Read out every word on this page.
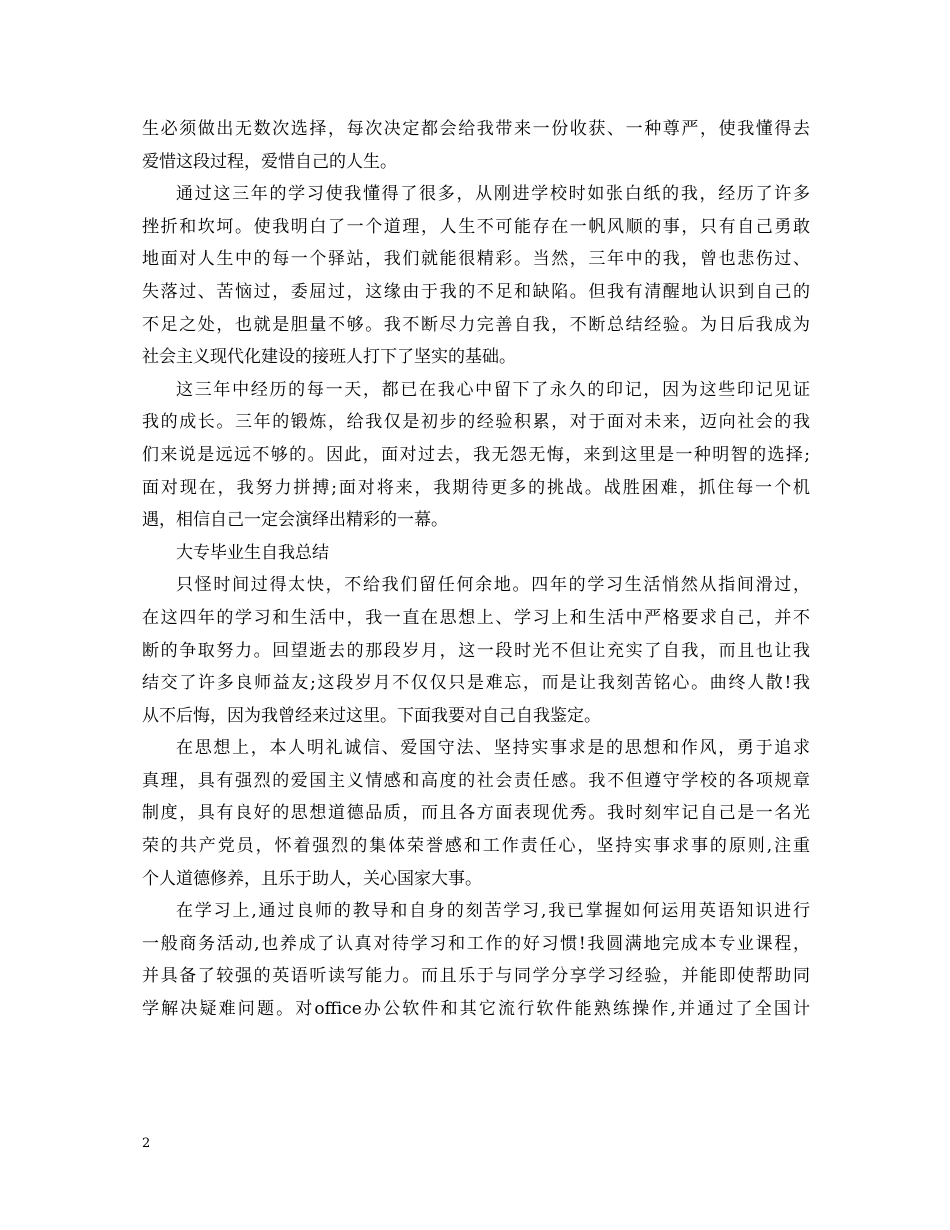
生必须做出无数次选择，每次决定都会给我带来一份收获、一种尊严，使我懂得去
爱惜这段过程，爱惜自己的人生。
通过这三年的学习使我懂得了很多，从刚进学校时如张白纸的我，经历了许多
挫折和坎坷。使我明白了一个道理，人生不可能存在一帆风顺的事，只有自己勇敢
地面对人生中的每一个驿站，我们就能很精彩。当然，三年中的我，曾也悲伤过、
失落过、苦恼过，委屈过，这缘由于我的不足和缺陷。但我有清醒地认识到自己的
不足之处，也就是胆量不够。我不断尽力完善自我，不断总结经验。为日后我成为
社会主义现代化建设的接班人打下了坚实的基础。
这三年中经历的每一天，都已在我心中留下了永久的印记，因为这些印记见证
我的成长。三年的锻炼，给我仅是初步的经验积累，对于面对未来，迈向社会的我
们来说是远远不够的。因此，面对过去，我无怨无悔，来到这里是一种明智的选择;
面对现在，我努力拼搏;面对将来，我期待更多的挑战。战胜困难，抓住每一个机
遇，相信自己一定会演绎出精彩的一幕。
大专毕业生自我总结
只怪时间过得太快，不给我们留任何余地。四年的学习生活悄然从指间滑过，
在这四年的学习和生活中，我一直在思想上、学习上和生活中严格要求自己，并不
断的争取努力。回望逝去的那段岁月，这一段时光不但让充实了自我，而且也让我
结交了许多良师益友;这段岁月不仅仅只是难忘，而是让我刻苦铭心。曲终人散!我
从不后悔，因为我曾经来过这里。下面我要对自己自我鉴定。
在思想上，本人明礼诚信、爱国守法、坚持实事求是的思想和作风，勇于追求
真理，具有强烈的爱国主义情感和高度的社会责任感。我不但遵守学校的各项规章
制度，具有良好的思想道德品质，而且各方面表现优秀。我时刻牢记自己是一名光
荣的共产党员，怀着强烈的集体荣誉感和工作责任心，坚持实事求事的原则,注重
个人道德修养，且乐于助人，关心国家大事。
在学习上,通过良师的教导和自身的刻苦学习,我已掌握如何运用英语知识进行
一般商务活动,也养成了认真对待学习和工作的好习惯!我圆满地完成本专业课程，
并具备了较强的英语听读写能力。而且乐于与同学分享学习经验，并能即使帮助同
学解决疑难问题。对office办公软件和其它流行软件能熟练操作,并通过了全国计
2
